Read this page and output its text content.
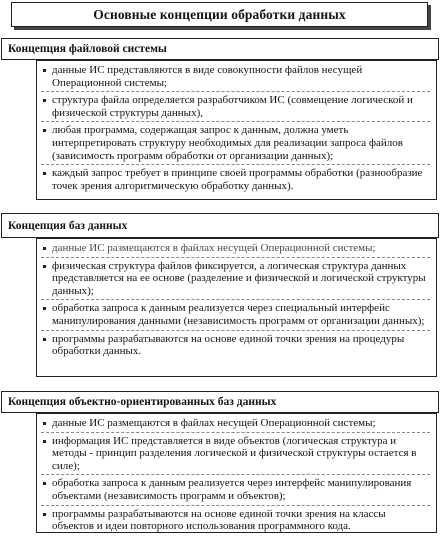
Основные концепции обработки данных
Концепция файловой системы
данные ИС представляются в виде совокупности файлов несущей Операционной системы;
структура файла определяется разработчиком ИС (совмещение логической и физической структуры данных),
любая программа, содержащая запрос к данным, должна уметь интерпретировать структуру необходимых для реализации запроса файлов (зависимость программ обработки от организации данных);
каждый запрос требует в принципе своей программы обработки (разнообразие точек зрения алгоритмическую обработку данных).
Концепция баз данных
данные ИС размещаются в файлах несущей Операционной системы;
физическая структура файлов фиксируется, а логическая структура данных представляется на ее основе (разделение и физической и логической структуры данных);
обработка запроса к данным реализуется через специальный интерфейс манипулирования данными (независимость программ от организации данных);
программы разрабатываются на основе единой точки зрения на процедуры обработки данных.
Концепция объектно-ориентированных баз данных
данные ИС размещаются в файлах несущей Операционной системы;
информация ИС представляется в виде объектов (логическая структура и методы - принцип разделения логической и физической структуры остается в силе);
обработка запроса к данным реализуется через интерфейс манипулирования объектами (независимость программ и объектов);
программы разрабатываются на основе единой точки зрения на классы объектов и идеи повторного использования программного кода.
